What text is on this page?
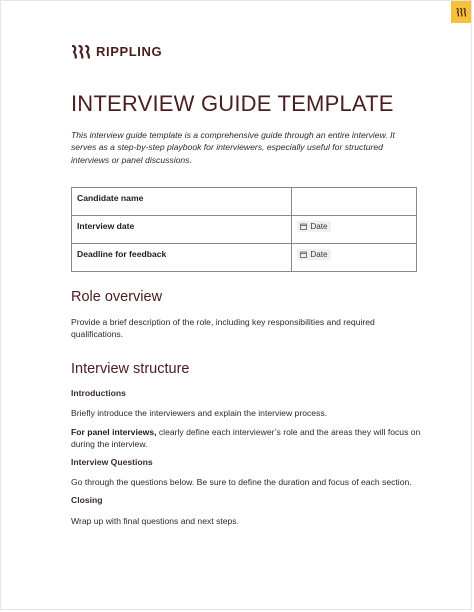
RIPPLING
INTERVIEW GUIDE TEMPLATE
This interview guide template is a comprehensive guide through an entire interview. It serves as a step-by-step playbook for interviewers, especially useful for structured interviews or panel discussions.
Candidate name	
Interview date	Date

Deadline for feedback	Date
Role overview
Provide a brief description of the role, including key responsibilities and required qualifications.
Interview structure
Introductions
Briefly introduce the interviewers and explain the interview process.
For panel interviews, clearly define each interviewer’s role and the areas they will focus on during the interview.
Interview Questions
Go through the questions below. Be sure to define the duration and focus of each section.
Closing
Wrap up with final questions and next steps.
